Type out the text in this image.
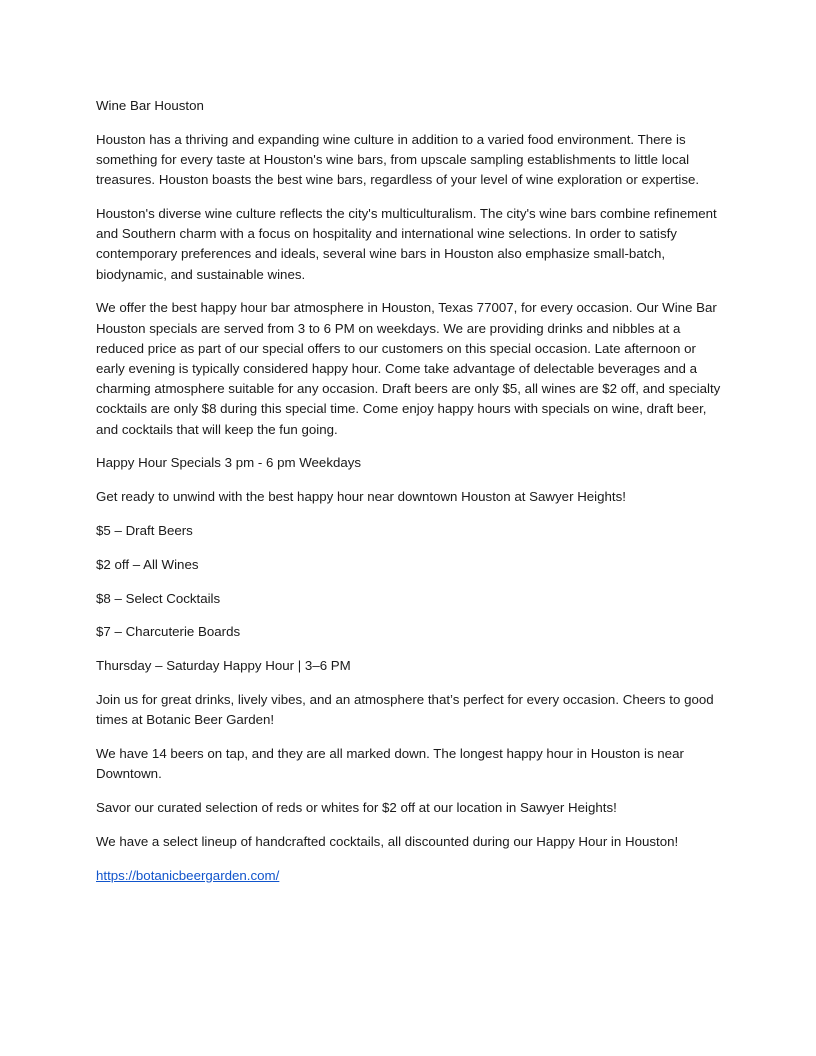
Wine Bar Houston

Houston has a thriving and expanding wine culture in addition to a varied food environment. There is something for every taste at Houston's wine bars, from upscale sampling establishments to little local treasures. Houston boasts the best wine bars, regardless of your level of wine exploration or expertise.

Houston's diverse wine culture reflects the city's multiculturalism. The city's wine bars combine refinement and Southern charm with a focus on hospitality and international wine selections. In order to satisfy contemporary preferences and ideals, several wine bars in Houston also emphasize small-batch, biodynamic, and sustainable wines.

We offer the best happy hour bar atmosphere in Houston, Texas 77007, for every occasion. Our Wine Bar Houston specials are served from 3 to 6 PM on weekdays. We are providing drinks and nibbles at a reduced price as part of our special offers to our customers on this special occasion. Late afternoon or early evening is typically considered happy hour. Come take advantage of delectable beverages and a charming atmosphere suitable for any occasion. Draft beers are only $5, all wines are $2 off, and specialty cocktails are only $8 during this special time. Come enjoy happy hours with specials on wine, draft beer, and cocktails that will keep the fun going.

Happy Hour Specials 3 pm - 6 pm Weekdays

Get ready to unwind with the best happy hour near downtown Houston at Sawyer Heights!

$5 – Draft Beers

$2 off – All Wines

$8 – Select Cocktails

$7 – Charcuterie Boards

Thursday – Saturday Happy Hour | 3–6 PM

Join us for great drinks, lively vibes, and an atmosphere that’s perfect for every occasion. Cheers to good times at Botanic Beer Garden!

We have 14 beers on tap, and they are all marked down. The longest happy hour in Houston is near Downtown.

Savor our curated selection of reds or whites for $2 off at our location in Sawyer Heights!

We have a select lineup of handcrafted cocktails, all discounted during our Happy Hour in Houston!

https://botanicbeergarden.com/
